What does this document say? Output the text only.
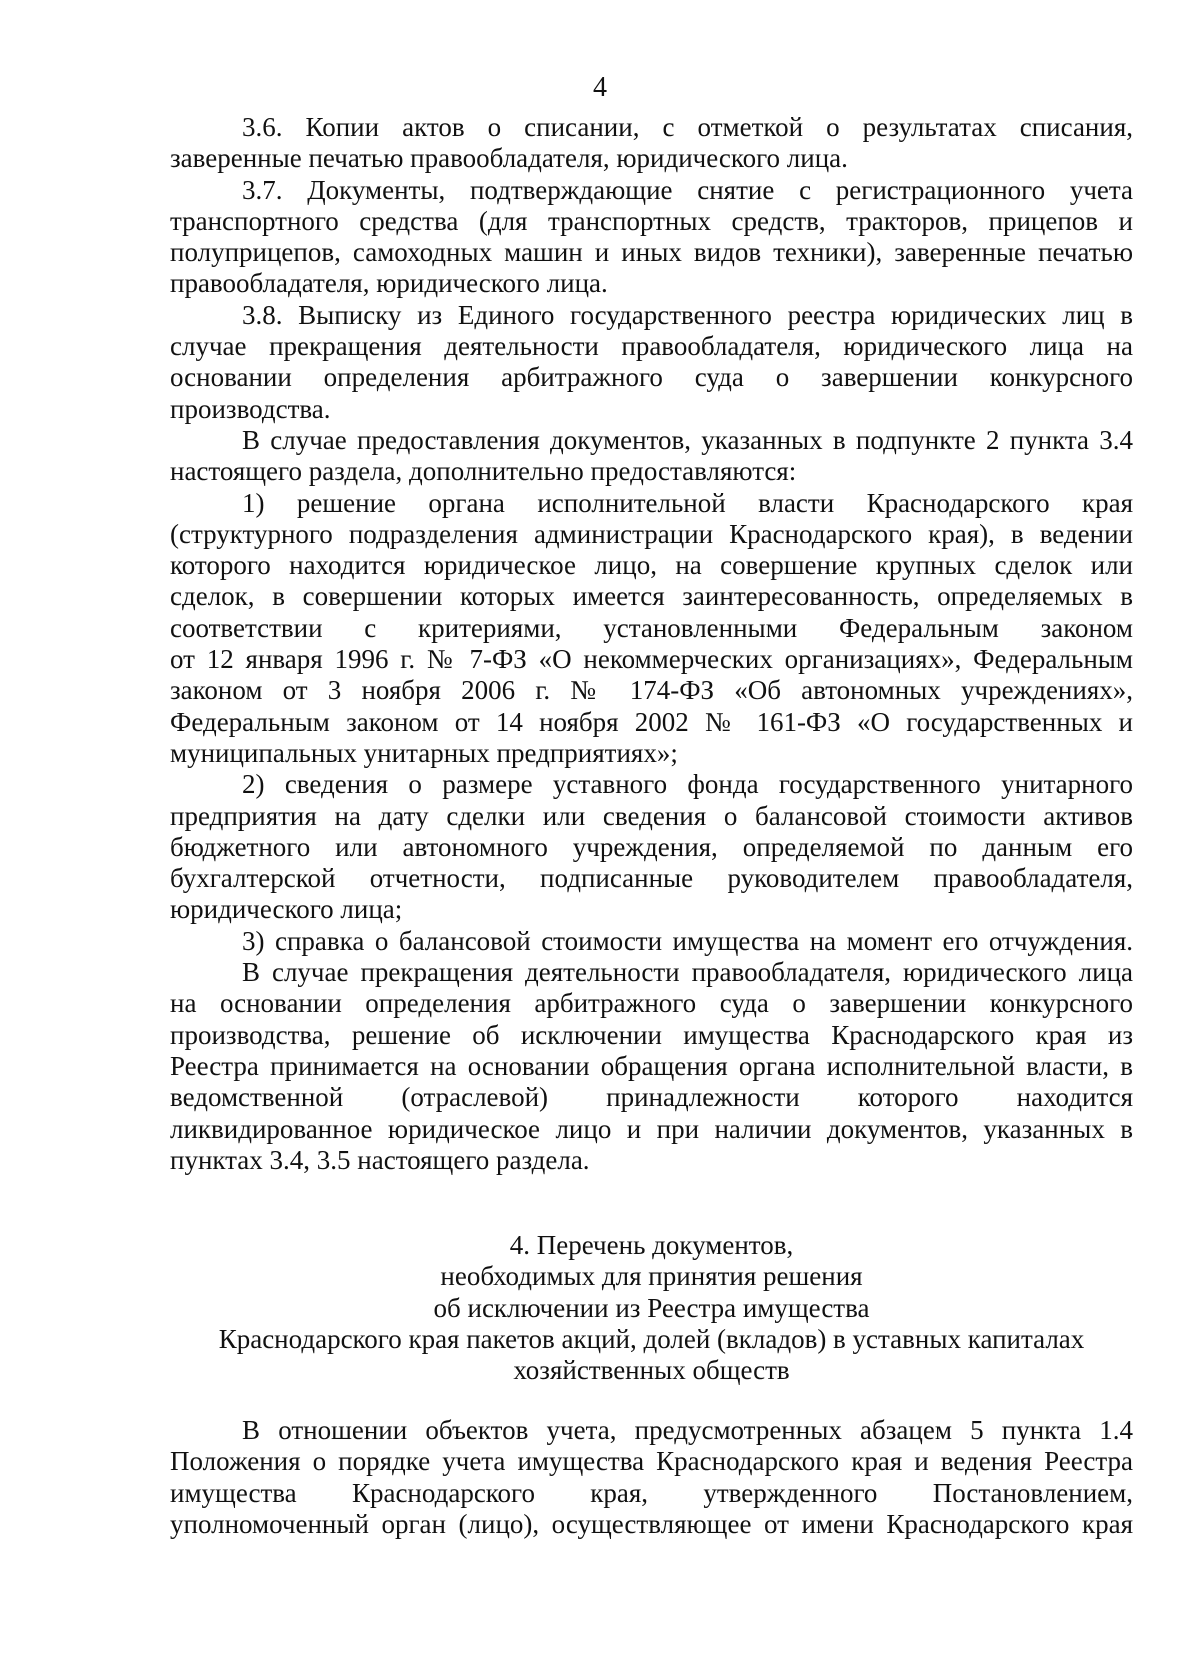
4

3.6. Копии актов о списании, с отметкой о результатах списания,

заверенные печатью правообладателя, юридического лица.

3.7. Документы, подтверждающие снятие с регистрационного учета

транспортного средства (для транспортных средств, тракторов, прицепов и

полуприцепов, самоходных машин и иных видов техники), заверенные печатью

правообладателя, юридического лица.

3.8. Выписку из Единого государственного реестра юридических лиц в

случае прекращения деятельности правообладателя, юридического лица на

основании определения арбитражного суда о завершении конкурсного

производства.

В случае предоставления документов, указанных в подпункте 2 пункта 3.4

настоящего раздела, дополнительно предоставляются:

1) решение органа исполнительной власти Краснодарского края

(структурного подразделения администрации Краснодарского края), в ведении

которого находится юридическое лицо, на совершение крупных сделок или

сделок, в совершении которых имеется заинтересованность, определяемых в

соответствии с критериями, установленными Федеральным законом

от 12 января 1996 г. № 7-ФЗ «О некоммерческих организациях», Федеральным

законом от 3 ноября 2006 г. № 174-ФЗ «Об автономных учреждениях»,

Федеральным законом от 14 ноября 2002 № 161-ФЗ «О государственных и

муниципальных унитарных предприятиях»;

2) сведения о размере уставного фонда государственного унитарного

предприятия на дату сделки или сведения о балансовой стоимости активов

бюджетного или автономного учреждения, определяемой по данным его

бухгалтерской отчетности, подписанные руководителем правообладателя,

юридического лица;

3) справка о балансовой стоимости имущества на момент его отчуждения.

В случае прекращения деятельности правообладателя, юридического лица

на основании определения арбитражного суда о завершении конкурсного

производства, решение об исключении имущества Краснодарского края из

Реестра принимается на основании обращения органа исполнительной власти, в

ведомственной (отраслевой) принадлежности которого находится

ликвидированное юридическое лицо и при наличии документов, указанных в

пунктах 3.4, 3.5 настоящего раздела.

4. Перечень документов,
необходимых для принятия решения
об исключении из Реестра имущества
Краснодарского края пакетов акций, долей (вкладов) в уставных капиталах
хозяйственных обществ

В отношении объектов учета, предусмотренных абзацем 5 пункта 1.4

Положения о порядке учета имущества Краснодарского края и ведения Реестра

имущества Краснодарского края, утвержденного Постановлением,

уполномоченный орган (лицо), осуществляющее от имени Краснодарского края
